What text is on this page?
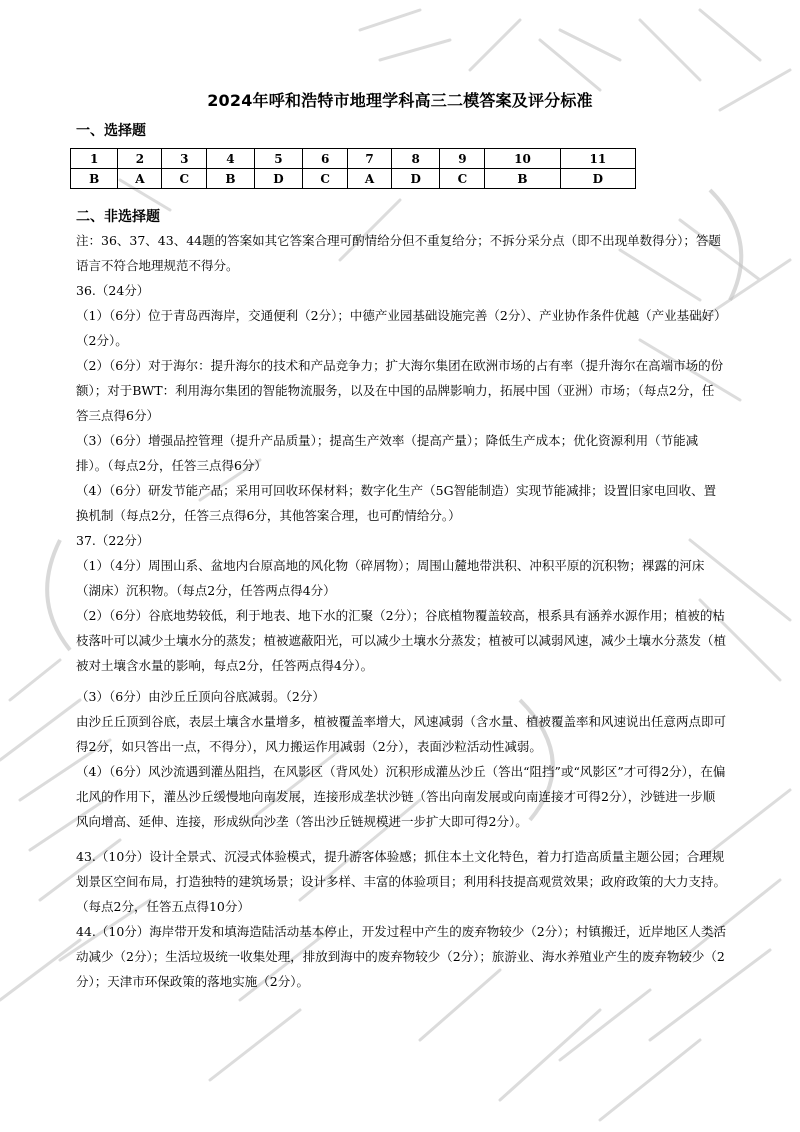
2024年呼和浩特市地理学科高三二模答案及评分标准
一、选择题
1	2	3	4	5	6	7	8	9	10	11
B	A	C	B	D	C	A	D	C	B	D
二、非选择题

注：36、37、43、44题的答案如其它答案合理可酌情给分但不重复给分；不拆分采分点（即不出现单数得分）；答题语言不符合地理规范不得分。

36.（24分）

（1）（6分）位于青岛西海岸，交通便利（2分）；中德产业园基础设施完善（2分）、产业协作条件优越（产业基础好）（2分）。

（2）（6分）对于海尔：提升海尔的技术和产品竞争力；扩大海尔集团在欧洲市场的占有率（提升海尔在高端市场的份额）；对于BWT：利用海尔集团的智能物流服务，以及在中国的品牌影响力，拓展中国（亚洲）市场；（每点2分，任答三点得6分）

（3）（6分）增强品控管理（提升产品质量）；提高生产效率（提高产量）；降低生产成本；优化资源利用（节能减排）。（每点2分，任答三点得6分）

（4）（6分）研发节能产品；采用可回收环保材料；数字化生产（5G智能制造）实现节能减排；设置旧家电回收、置换机制（每点2分，任答三点得6分，其他答案合理，也可酌情给分。）

37.（22分）

（1）（4分）周围山系、盆地内台原高地的风化物（碎屑物）；周围山麓地带洪积、冲积平原的沉积物；裸露的河床（湖床）沉积物。（每点2分，任答两点得4分）

（2）（6分）谷底地势较低，利于地表、地下水的汇聚（2分）；谷底植物覆盖较高，根系具有涵养水源作用；植被的枯枝落叶可以减少土壤水分的蒸发；植被遮蔽阳光，可以减少土壤水分蒸发；植被可以减弱风速，减少土壤水分蒸发（植被对土壤含水量的影响，每点2分，任答两点得4分）。

（3）（6分）由沙丘丘顶向谷底减弱。（2分）

由沙丘丘顶到谷底，表层土壤含水量增多，植被覆盖率增大，风速减弱（含水量、植被覆盖率和风速说出任意两点即可得2分，如只答出一点，不得分），风力搬运作用减弱（2分），表面沙粒活动性减弱。

（4）（6分）风沙流遇到灌丛阻挡，在风影区（背风处）沉积形成灌丛沙丘（答出“阻挡”或“风影区”才可得2分），在偏北风的作用下，灌丛沙丘缓慢地向南发展，连接形成垄状沙链（答出向南发展或向南连接才可得2分），沙链进一步顺风向增高、延伸、连接，形成纵向沙垄（答出沙丘链规模进一步扩大即可得2分）。

43.（10分）设计全景式、沉浸式体验模式，提升游客体验感；抓住本土文化特色，着力打造高质量主题公园；合理规划景区空间布局，打造独特的建筑场景；设计多样、丰富的体验项目；利用科技提高观赏效果；政府政策的大力支持。（每点2分，任答五点得10分）

44.（10分）海岸带开发和填海造陆活动基本停止，开发过程中产生的废弃物较少（2分）；村镇搬迁，近岸地区人类活动减少（2分）；生活垃圾统一收集处理，排放到海中的废弃物较少（2分）；旅游业、海水养殖业产生的废弃物较少（2分）；天津市环保政策的落地实施（2分）。
